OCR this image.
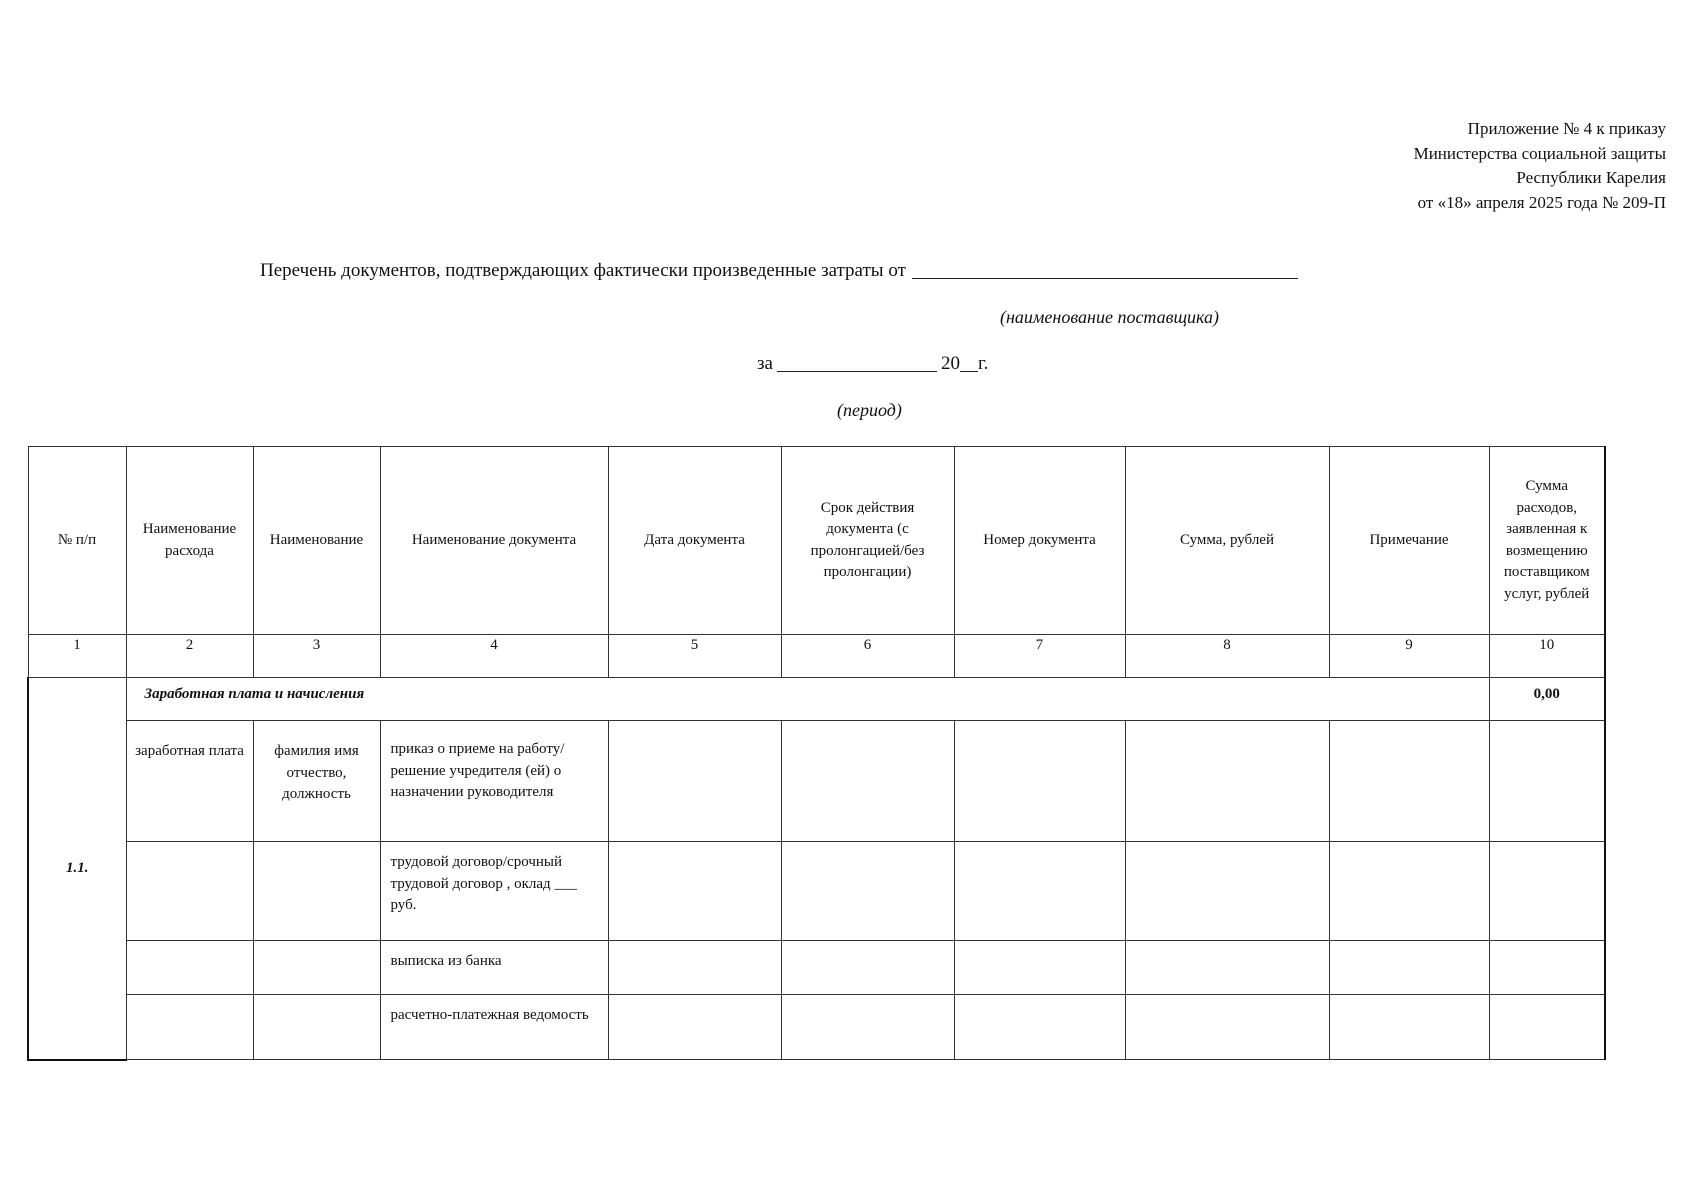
Приложение № 4 к приказу
Министерства социальной защиты
Республики Карелия
от «18» апреля 2025 года № 209-П
Перечень документов, подтверждающих фактически произведенные затраты от
(наименование поставщика)
за	20 г.
(период)
№ п/п	Наименование расхода	Наименование	Наименование документа	Дата документа	Срок действия документа (с пролонгацией/без пролонгации)	Номер документа	Сумма, рублей	Примечание	Сумма расходов, заявленная к возмещению поставщиком услуг, рублей
1	2	3	4	5	6	7	8	9	10
1.1.	Заработная плата и начисления								0,00
	заработная плата	фамилия имя отчество, должность	приказ о приеме на работу/ решение учредителя (ей) о назначении руководителя						
			трудовой договор/срочный трудовой договор , оклад ___ руб.						
			выписка из банка						
			расчетно-платежная ведомость						
